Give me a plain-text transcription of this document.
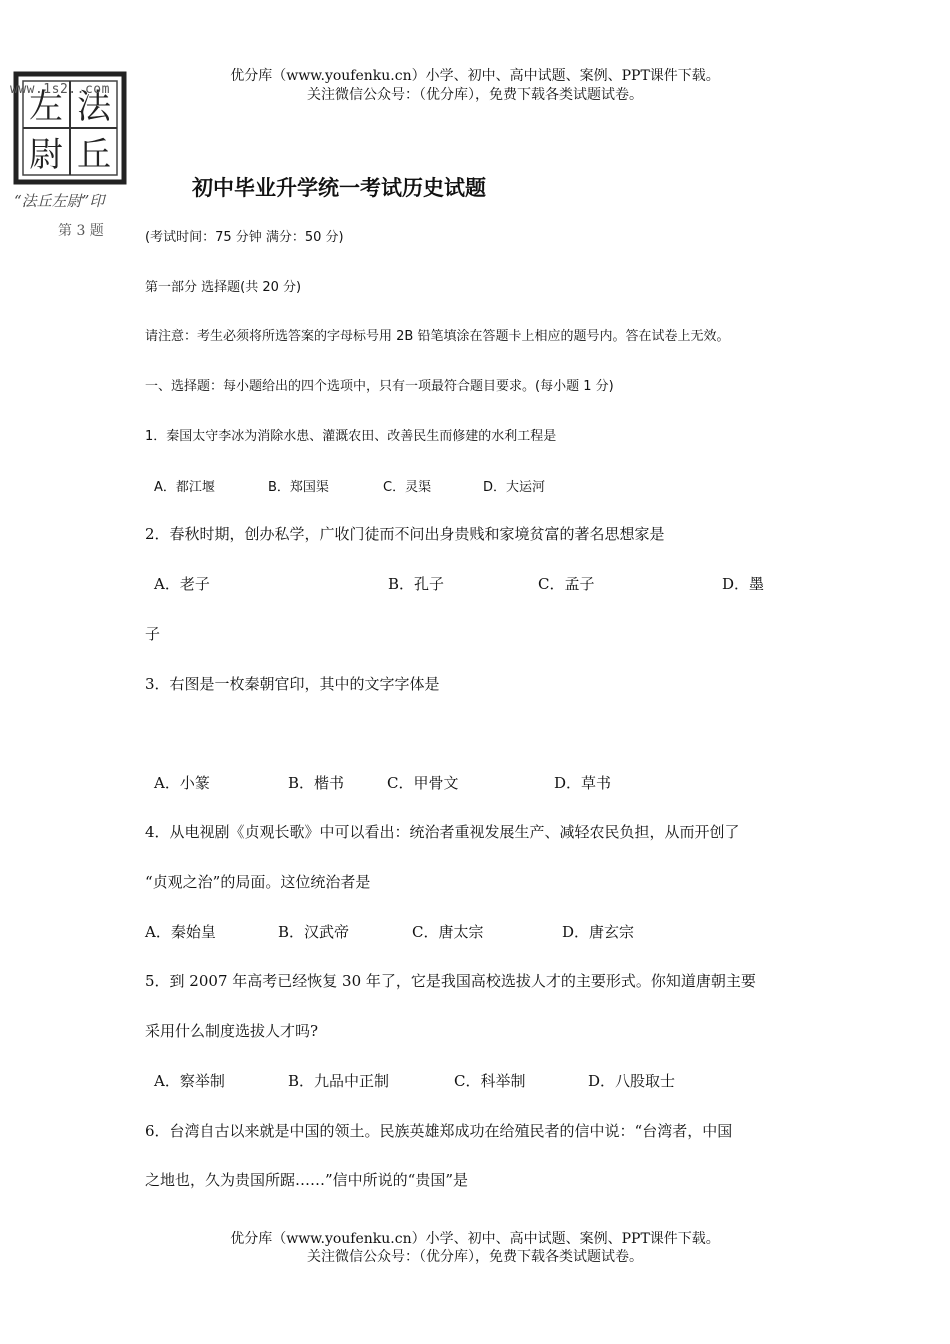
优分库（www.youfenku.cn）小学、初中、高中试题、案例、PPT课件下载。
关注微信公众号：（优分库），免费下载各类试题试卷。
法
丘
左
尉
www.1s2..com
“法丘左尉”印
第 3 题
初中毕业升学统一考试历史试题
(考试时间：75 分钟 满分：50 分)
第一部分 选择题(共 20 分)
请注意：考生必须将所选答案的字母标号用 2B 铅笔填涂在答题卡上相应的题号内。答在试卷上无效。
一、选择题：每小题给出的四个选项中，只有一项最符合题目要求。(每小题 1 分)
1．秦国太守李冰为消除水患、灌溉农田、改善民生而修建的水利工程是
A．都江堰	B．郑国渠	C．灵渠	D．大运河
2．春秋时期，创办私学，广收门徒而不问出身贵贱和家境贫富的著名思想家是
A．老子	B．孔子	C．孟子	D．墨
子
3．右图是一枚秦朝官印，其中的文字字体是
A．小篆	B．楷书	C．甲骨文	D．草书
4．从电视剧《贞观长歌》中可以看出：统治者重视发展生产、减轻农民负担，从而开创了
“贞观之治”的局面。这位统治者是
A．秦始皇	B．汉武帝	C．唐太宗	D．唐玄宗
5．到 2007 年高考已经恢复 30 年了，它是我国高校选拔人才的主要形式。你知道唐朝主要
采用什么制度选拔人才吗?
A．察举制	B．九品中正制	C．科举制	D．八股取士
6．台湾自古以来就是中国的领土。民族英雄郑成功在给殖民者的信中说：“台湾者，中国
之地也，久为贵国所踞……”信中所说的“贵国”是
优分库（www.youfenku.cn）小学、初中、高中试题、案例、PPT课件下载。
关注微信公众号：（优分库），免费下载各类试题试卷。
